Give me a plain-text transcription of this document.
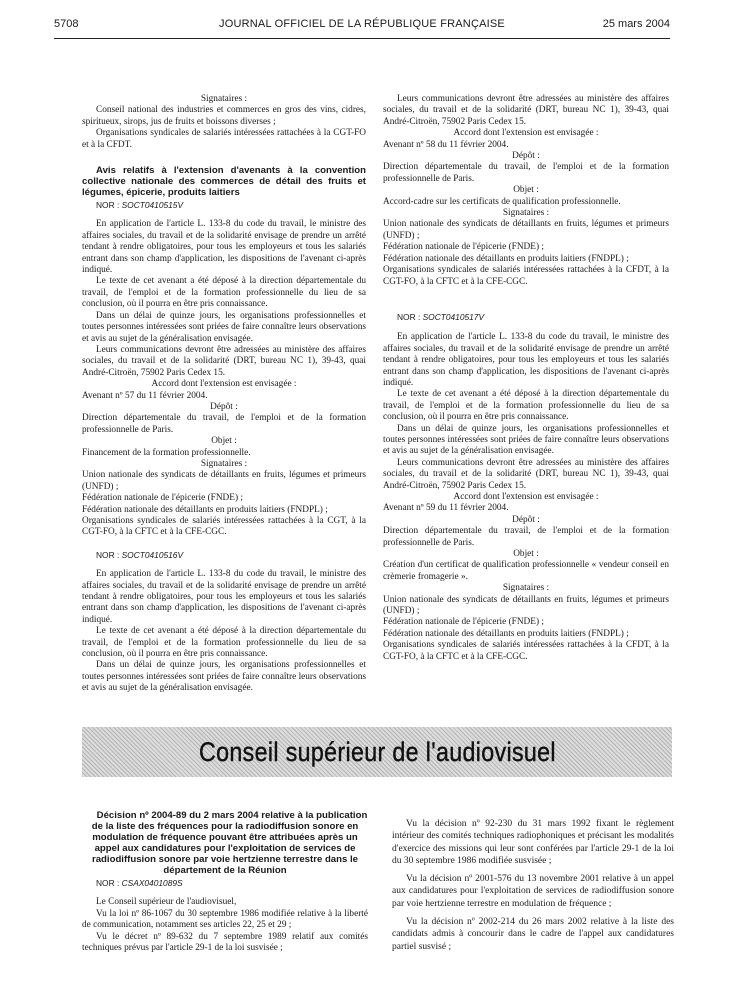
5708	JOURNAL OFFICIEL DE LA RÉPUBLIQUE FRANÇAISE	25 mars 2004

Signataires :

Conseil national des industries et commerces en gros des vins, cidres, spiritueux, sirops, jus de fruits et boissons diverses ;

Organisations syndicales de salariés intéressées rattachées à la CGT-FO et à la CFDT.

Avis relatifs à l'extension d'avenants à la convention collective nationale des commerces de détail des fruits et légumes, épicerie, produits laitiers

NOR : SOCT0410515V

En application de l'article L. 133-8 du code du travail, le ministre des affaires sociales, du travail et de la solidarité envisage de prendre un arrêté tendant à rendre obligatoires, pour tous les employeurs et tous les salariés entrant dans son champ d'application, les dispositions de l'avenant ci-après indiqué.

Le texte de cet avenant a été déposé à la direction départementale du travail, de l'emploi et de la formation professionnelle du lieu de sa conclusion, où il pourra en être pris connaissance.

Dans un délai de quinze jours, les organisations professionnelles et toutes personnes intéressées sont priées de faire connaître leurs observations et avis au sujet de la généralisation envisagée.

Leurs communications devront être adressées au ministère des affaires sociales, du travail et de la solidarité (DRT, bureau NC 1), 39-43, quai André-Citroën, 75902 Paris Cedex 15.

Accord dont l'extension est envisagée :

Avenant nº 57 du 11 février 2004.

Dépôt :

Direction départementale du travail, de l'emploi et de la formation professionnelle de Paris.

Objet :

Financement de la formation professionnelle.

Signataires :

Union nationale des syndicats de détaillants en fruits, légumes et primeurs (UNFD) ;

Fédération nationale de l'épicerie (FNDE) ;

Fédération nationale des détaillants en produits laitiers (FNDPL) ;

Organisations syndicales de salariés intéressées rattachées à la CGT, à la CGT-FO, à la CFTC et à la CFE-CGC.

NOR : SOCT0410516V

En application de l'article L. 133-8 du code du travail, le ministre des affaires sociales, du travail et de la solidarité envisage de prendre un arrêté tendant à rendre obligatoires, pour tous les employeurs et tous les salariés entrant dans son champ d'application, les dispositions de l'avenant ci-après indiqué.

Le texte de cet avenant a été déposé à la direction départementale du travail, de l'emploi et de la formation professionnelle du lieu de sa conclusion, où il pourra en être pris connaissance.

Dans un délai de quinze jours, les organisations professionnelles et toutes personnes intéressées sont priées de faire connaître leurs observations et avis au sujet de la généralisation envisagée.

Leurs communications devront être adressées au ministère des affaires sociales, du travail et de la solidarité (DRT, bureau NC 1), 39-43, quai André-Citroën, 75902 Paris Cedex 15.

Accord dont l'extension est envisagée :

Avenant nº 58 du 11 février 2004.

Dépôt :

Direction départementale du travail, de l'emploi et de la formation professionnelle de Paris.

Objet :

Accord-cadre sur les certificats de qualification professionnelle.

Signataires :

Union nationale des syndicats de détaillants en fruits, légumes et primeurs (UNFD) ;

Fédération nationale de l'épicerie (FNDE) ;

Fédération nationale des détaillants en produits laitiers (FNDPL) ;

Organisations syndicales de salariés intéressées rattachées à la CFDT, à la CGT-FO, à la CFTC et à la CFE-CGC.

NOR : SOCT0410517V

En application de l'article L. 133-8 du code du travail, le ministre des affaires sociales, du travail et de la solidarité envisage de prendre un arrêté tendant à rendre obligatoires, pour tous les employeurs et tous les salariés entrant dans son champ d'application, les dispositions de l'avenant ci-après indiqué.

Le texte de cet avenant a été déposé à la direction départementale du travail, de l'emploi et de la formation professionnelle du lieu de sa conclusion, où il pourra en être pris connaissance.

Dans un délai de quinze jours, les organisations professionnelles et toutes personnes intéressées sont priées de faire connaître leurs observations et avis au sujet de la généralisation envisagée.

Leurs communications devront être adressées au ministère des affaires sociales, du travail et de la solidarité (DRT, bureau NC 1), 39-43, quai André-Citroën, 75902 Paris Cedex 15.

Accord dont l'extension est envisagée :

Avenant nº 59 du 11 février 2004.

Dépôt :

Direction départementale du travail, de l'emploi et de la formation professionnelle de Paris.

Objet :

Création d'un certificat de qualification professionnelle « vendeur conseil en crèmerie fromagerie ».

Signataires :

Union nationale des syndicats de détaillants en fruits, légumes et primeurs (UNFD) ;

Fédération nationale de l'épicerie (FNDE) ;

Fédération nationale des détaillants en produits laitiers (FNDPL) ;

Organisations syndicales de salariés intéressées rattachées à la CFDT, à la CGT-FO, à la CFTC et à la CFE-CGC.

Conseil supérieur de l'audiovisuel

Décision nº 2004-89 du 2 mars 2004 relative à la publication de la liste des fréquences pour la radiodiffusion sonore en modulation de fréquence pouvant être attribuées après un appel aux candidatures pour l'exploitation de services de radiodiffusion sonore par voie hertzienne terrestre dans le département de la Réunion

NOR : CSAX0401089S

Le Conseil supérieur de l'audiovisuel,

Vu la loi nº 86-1067 du 30 septembre 1986 modifiée relative à la liberté de communication, notamment ses articles 22, 25 et 29 ;

Vu le décret nº 89-632 du 7 septembre 1989 relatif aux comités techniques prévus par l'article 29-1 de la loi susvisée ;

Vu la décision nº 92-230 du 31 mars 1992 fixant le règlement intérieur des comités techniques radiophoniques et précisant les modalités d'exercice des missions qui leur sont conférées par l'article 29-1 de la loi du 30 septembre 1986 modifiée susvisée ;

Vu la décision nº 2001-576 du 13 novembre 2001 relative à un appel aux candidatures pour l'exploitation de services de radiodiffusion sonore par voie hertzienne terrestre en modulation de fréquence ;

Vu la décision nº 2002-214 du 26 mars 2002 relative à la liste des candidats admis à concourir dans le cadre de l'appel aux candidatures partiel susvisé ;
